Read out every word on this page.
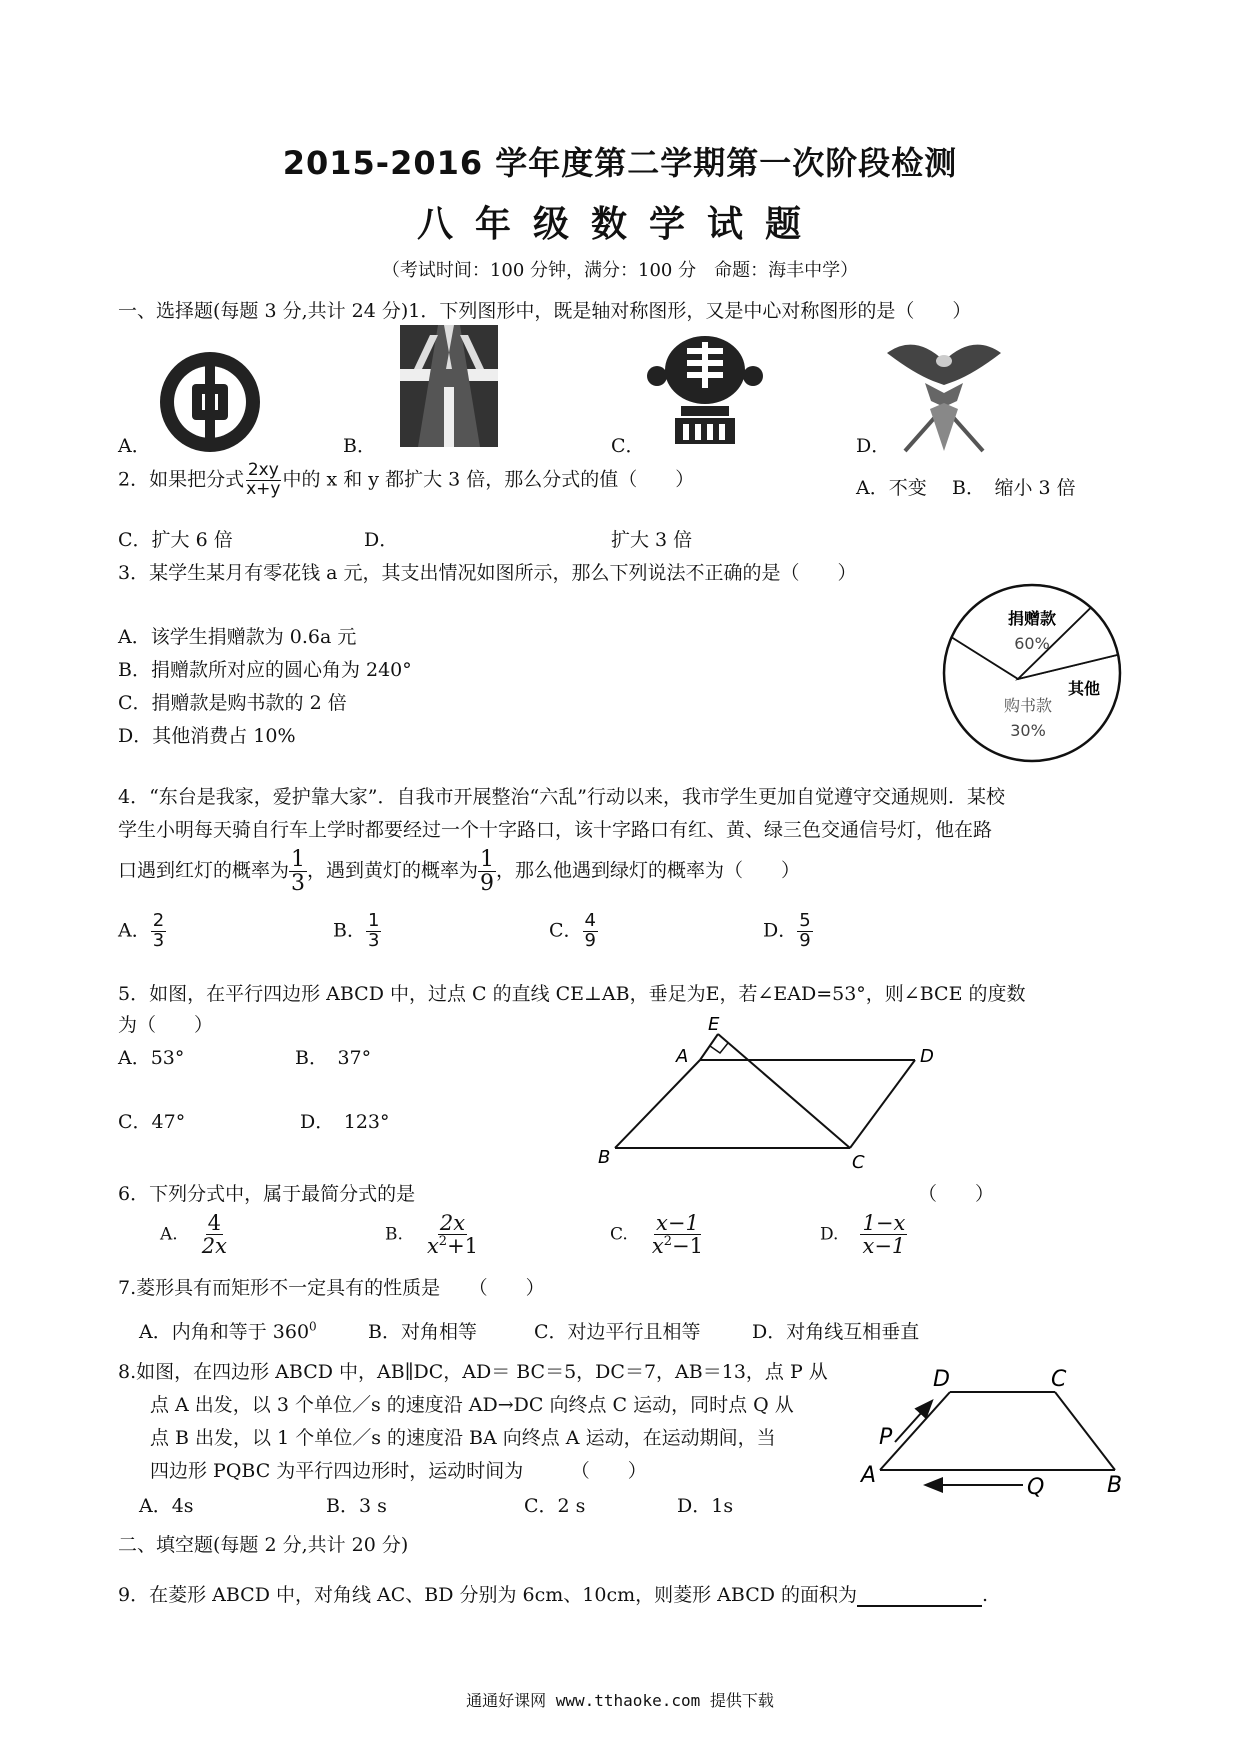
2015-2016 学年度第二学期第一次阶段检测
八年级数学试题
（考试时间：100 分钟，满分：100 分　命题：海丰中学）
一、选择题(每题 3 分,共计 24 分)1．下列图形中，既是轴对称图形，又是中心对称图形的是（　　）
A．	B．	C．	D．
2．如果把分式 $\frac{2xy}{x+y}$ 中的 x 和 y 都扩大 3 倍，那么分式的值（　　）	A．不变 B．　缩小 3 倍
C．扩大 6 倍	D．	扩大 3 倍
3．某学生某月有零花钱 a 元，其支出情况如图所示，那么下列说法不正确的是（　　）
A．该学生捐赠款为 0.6a 元
B．捐赠款所对应的圆心角为 240°
C．捐赠款是购书款的 2 倍
D．其他消费占 10%
捐赠款
60%
购书款
30%
其他
4．“东台是我家，爱护靠大家”．自我市开展整治“六乱”行动以来，我市学生更加自觉遵守交通规则．某校
学生小明每天骑自行车上学时都要经过一个十字路口，该十字路口有红、黄、绿三色交通信号灯，他在路
口遇到红灯的概率为 $\frac{1}{3}$ ，遇到黄灯的概率为 $\frac{1}{9}$ ，那么他遇到绿灯的概率为（　　）
A． $\frac{2}{3}$	B． $\frac{1}{3}$	C． $\frac{4}{9}$	D． $\frac{5}{9}$
5．如图，在平行四边形 ABCD 中，过点 C 的直线 CE⊥AB，垂足为E，若∠EAD=53°，则∠BCE 的度数
为（　　）
A．53°	B．　37°
C．47°	D．　123°
E
A	D
B	C
6．下列分式中，属于最简分式的是	（　　）
A. $\frac{4}{2x}$	B. $\frac{2x}{x^2+1}$	C. $\frac{x-1}{x^2-1}$	D. $\frac{1-x}{x-1}$
7.菱形具有而矩形不一定具有的性质是　　（　　）
A．内角和等于 $360^0$	B．对角相等	C．对边平行且相等	D．对角线互相垂直
8.如图，在四边形 ABCD 中，AB∥DC，AD＝ BC＝5，DC＝7，AB＝13，点 P 从
点 A 出发，以 3 个单位／s 的速度沿 AD→DC 向终点 C 运动，同时点 Q 从
点 B 出发，以 1 个单位／s 的速度沿 BA 向终点 A 运动，在运动期间，当
四边形 PQBC 为平行四边形时，运动时间为　　　（　　）
A．4s	B．3 s	C．2 s	D．1s
D	C
P
A	Q	B
二、填空题(每题 2 分,共计 20 分)
9．在菱形 ABCD 中，对角线 AC、BD 分别为 6cm、10cm，则菱形 ABCD 的面积为	.
通通好课网 www.tthaoke.com 提供下载
